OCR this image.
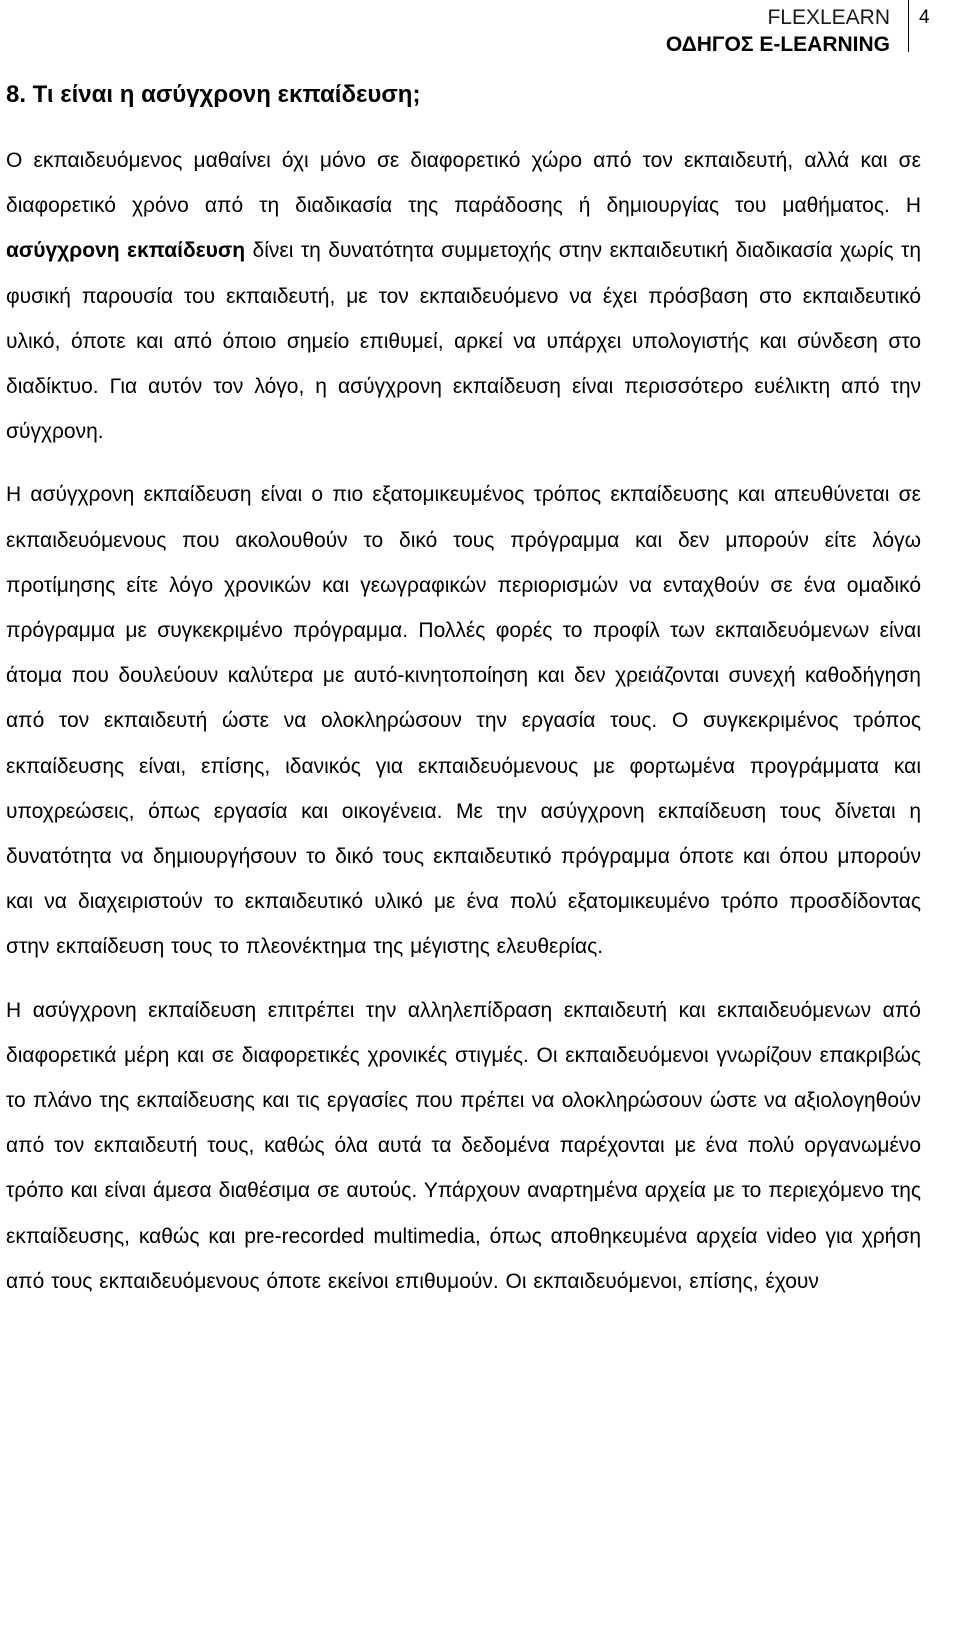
FLEXLEARN
ΟΔΗΓΟΣ E-LEARNING
4
8. Τι είναι η ασύγχρονη εκπαίδευση;

Ο εκπαιδευόμενος μαθαίνει όχι μόνο σε διαφορετικό χώρο από τον εκπαιδευτή, αλλά και σε διαφορετικό χρόνο από τη διαδικασία της παράδοσης ή δημιουργίας του μαθήματος. Η ασύγχρονη εκπαίδευση δίνει τη δυνατότητα συμμετοχής στην εκπαιδευτική διαδικασία χωρίς τη φυσική παρουσία του εκπαιδευτή, με τον εκπαιδευόμενο να έχει πρόσβαση στο εκπαιδευτικό υλικό, όποτε και από όποιο σημείο επιθυμεί, αρκεί να υπάρχει υπολογιστής και σύνδεση στο διαδίκτυο. Για αυτόν τον λόγο, η ασύγχρονη εκπαίδευση είναι περισσότερο ευέλικτη από την σύγχρονη.

Η ασύγχρονη εκπαίδευση είναι ο πιο εξατομικευμένος τρόπος εκπαίδευσης και απευθύνεται σε εκπαιδευόμενους που ακολουθούν το δικό τους πρόγραμμα και δεν μπορούν είτε λόγω προτίμησης είτε λόγο χρονικών και γεωγραφικών περιορισμών να ενταχθούν σε ένα ομαδικό πρόγραμμα με συγκεκριμένο πρόγραμμα. Πολλές φορές το προφίλ των εκπαιδευόμενων είναι άτομα που δουλεύουν καλύτερα με αυτό-κινητοποίηση και δεν χρειάζονται συνεχή καθοδήγηση από τον εκπαιδευτή ώστε να ολοκληρώσουν την εργασία τους. Ο συγκεκριμένος τρόπος εκπαίδευσης είναι, επίσης, ιδανικός για εκπαιδευόμενους με φορτωμένα προγράμματα και υποχρεώσεις, όπως εργασία και οικογένεια. Με την ασύγχρονη εκπαίδευση τους δίνεται η δυνατότητα να δημιουργήσουν το δικό τους εκπαιδευτικό πρόγραμμα όποτε και όπου μπορούν και να διαχειριστούν το εκπαιδευτικό υλικό με ένα πολύ εξατομικευμένο τρόπο προσδίδοντας στην εκπαίδευση τους το πλεονέκτημα της μέγιστης ελευθερίας.

Η ασύγχρονη εκπαίδευση επιτρέπει την αλληλεπίδραση εκπαιδευτή και εκπαιδευόμενων από διαφορετικά μέρη και σε διαφορετικές χρονικές στιγμές. Οι εκπαιδευόμενοι γνωρίζουν επακριβώς το πλάνο της εκπαίδευσης και τις εργασίες που πρέπει να ολοκληρώσουν ώστε να αξιολογηθούν από τον εκπαιδευτή τους, καθώς όλα αυτά τα δεδομένα παρέχονται με ένα πολύ οργανωμένο τρόπο και είναι άμεσα διαθέσιμα σε αυτούς. Υπάρχουν αναρτημένα αρχεία με το περιεχόμενο της εκπαίδευσης, καθώς και pre-recorded multimedia, όπως αποθηκευμένα αρχεία video για χρήση από τους εκπαιδευόμενους όποτε εκείνοι επιθυμούν. Οι εκπαιδευόμενοι, επίσης, έχουν
